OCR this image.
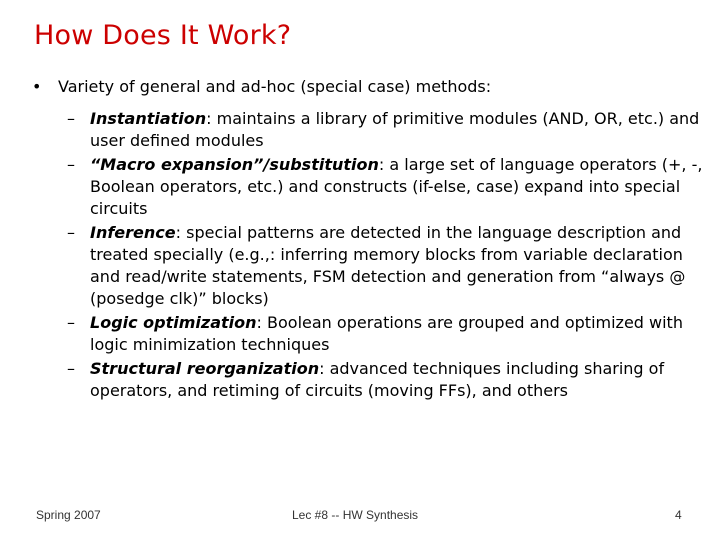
How Does It Work?
• Variety of general and ad-hoc (special case) methods:
– Instantiation: maintains a library of primitive modules (AND, OR, etc.) and user defined modules
– “Macro expansion”/substitution: a large set of language operators (+, -, Boolean operators, etc.) and constructs (if-else, case) expand into special circuits
– Inference: special patterns are detected in the language description and treated specially (e.g.,: inferring memory blocks from variable declaration and read/write statements, FSM detection and generation from “always @ (posedge clk)” blocks)
– Logic optimization: Boolean operations are grouped and optimized with logic minimization techniques
– Structural reorganization: advanced techniques including sharing of operators, and retiming of circuits (moving FFs), and others
Spring 2007	Lec #8 -- HW Synthesis	4
